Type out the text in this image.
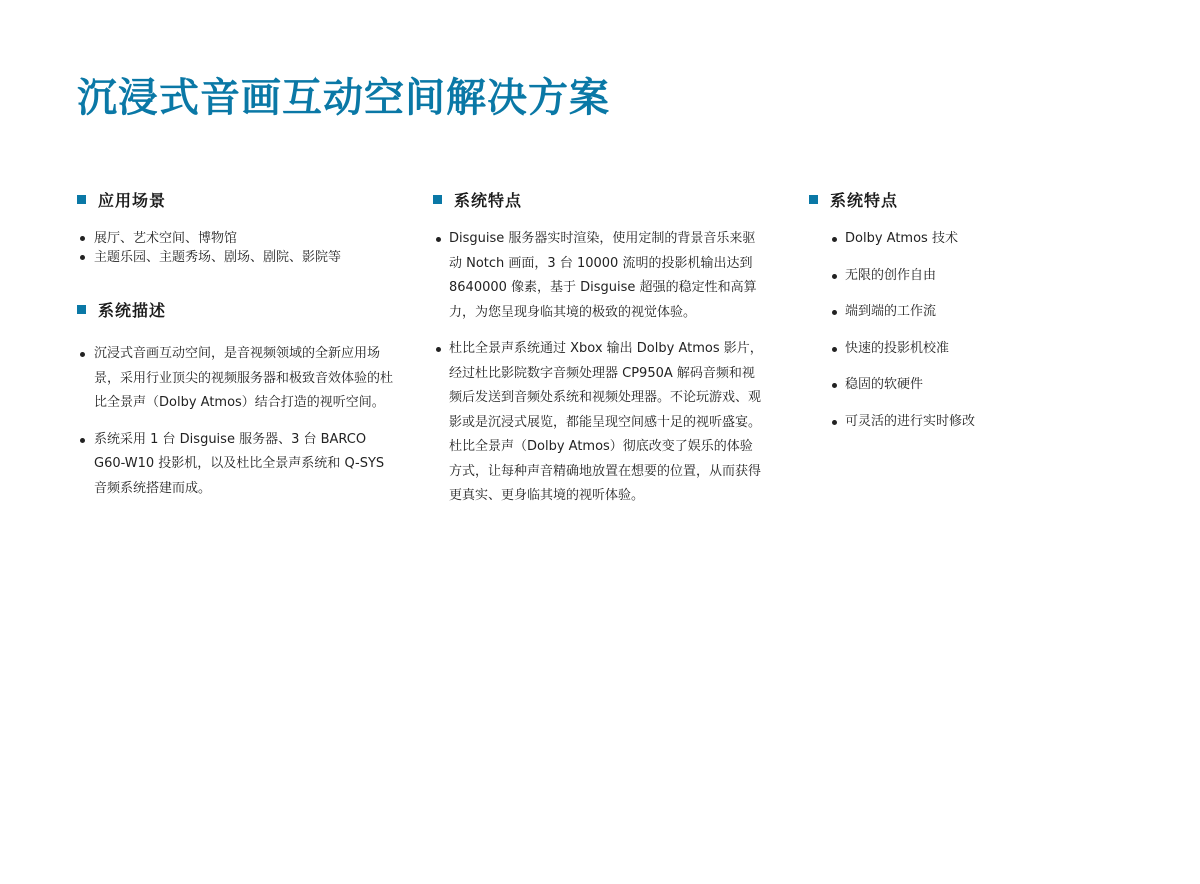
沉浸式音画互动空间解决方案
应用场景
展厅、艺术空间、博物馆
主题乐园、主题秀场、剧场、剧院、影院等
系统描述
沉浸式音画互动空间，是音视频领域的全新应用场景，采用行业顶尖的视频服务器和极致音效体验的杜比全景声（Dolby Atmos）结合打造的视听空间。
系统采用 1 台 Disguise 服务器、3 台 BARCO G60-W10 投影机，以及杜比全景声系统和 Q-SYS 音频系统搭建而成。
系统特点
Disguise 服务器实时渲染，使用定制的背景音乐来驱动 Notch 画面，3 台 10000 流明的投影机输出达到 8640000 像素，基于 Disguise 超强的稳定性和高算力，为您呈现身临其境的极致的视觉体验。
杜比全景声系统通过 Xbox 输出 Dolby Atmos 影片，经过杜比影院数字音频处理器 CP950A 解码音频和视频后发送到音频处系统和视频处理器。不论玩游戏、观影或是沉浸式展览，都能呈现空间感十足的视听盛宴。杜比全景声（Dolby Atmos）彻底改变了娱乐的体验方式，让每种声音精确地放置在想要的位置，从而获得更真实、更身临其境的视听体验。
系统特点
Dolby Atmos 技术
无限的创作自由
端到端的工作流
快速的投影机校准
稳固的软硬件
可灵活的进行实时修改
